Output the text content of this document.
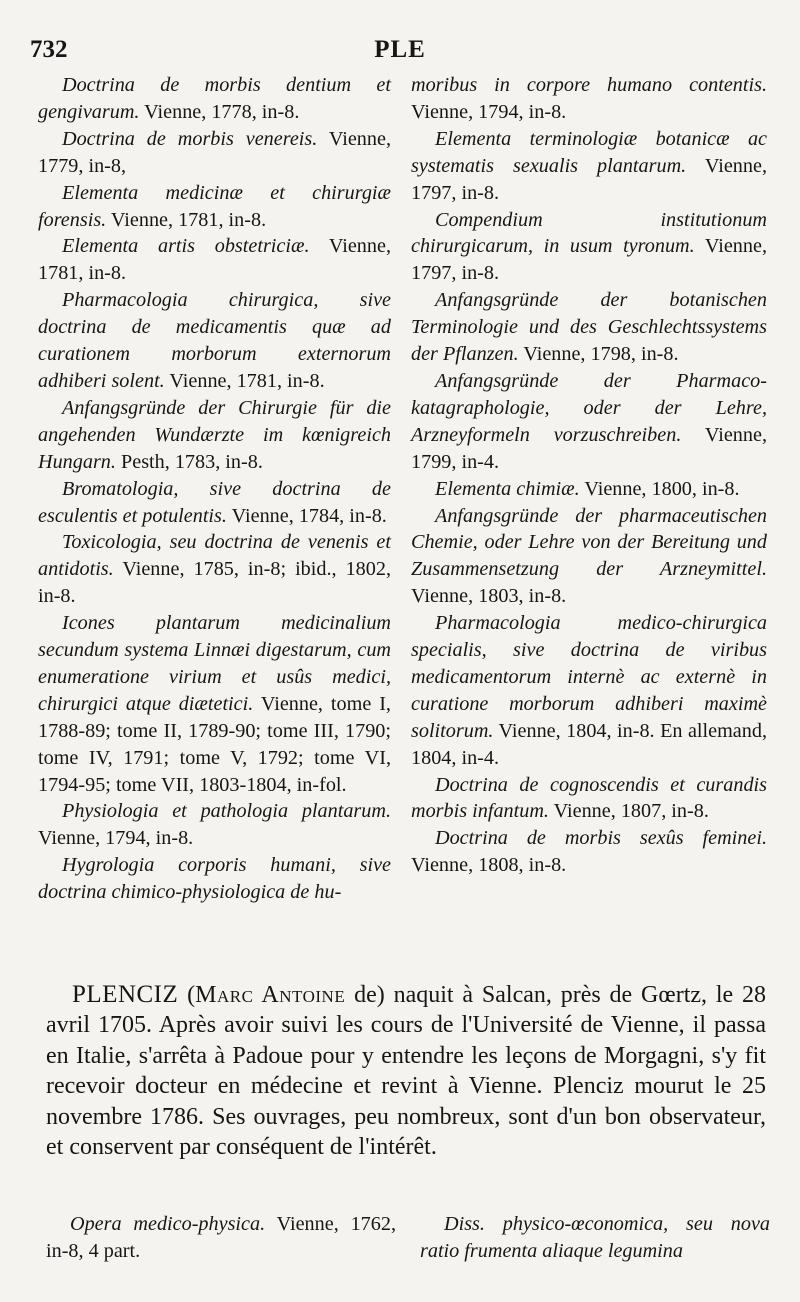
732	PLE
Doctrina de morbis dentium et gengivarum. Vienne, 1778, in-8.
Doctrina de morbis venereis. Vienne, 1779, in-8,
Elementa medicinæ et chirurgiæ forensis. Vienne, 1781, in-8.
Elementa artis obstetriciæ. Vienne, 1781, in-8.
Pharmacologia chirurgica, sive doctrina de medicamentis quæ ad curationem morborum externorum adhiberi solent. Vienne, 1781, in-8.
Anfangsgründe der Chirurgie für die angehenden Wundærzte im kœnigreich Hungarn. Pesth, 1783, in-8.
Bromatologia, sive doctrina de esculentis et potulentis. Vienne, 1784, in-8.
Toxicologia, seu doctrina de venenis et antidotis. Vienne, 1785, in-8; ibid., 1802, in-8.
Icones plantarum medicinalium secundum systema Linnæi digestarum, cum enumeratione virium et usûs medici, chirurgici atque diætetici. Vienne, tome I, 1788-89; tome II, 1789-90; tome III, 1790; tome IV, 1791; tome V, 1792; tome VI, 1794-95; tome VII, 1803-1804, in-fol.
Physiologia et pathologia plantarum. Vienne, 1794, in-8.
Hygrologia corporis humani, sive doctrina chimico-physiologica de hu-
moribus in corpore humano contentis. Vienne, 1794, in-8.
Elementa terminologiæ botanicæ ac systematis sexualis plantarum. Vienne, 1797, in-8.
Compendium institutionum chirurgicarum, in usum tyronum. Vienne, 1797, in-8.
Anfangsgründe der botanischen Terminologie und des Geschlechtssystems der Pflanzen. Vienne, 1798, in-8.
Anfangsgründe der Pharmaco-katagraphologie, oder der Lehre, Arzneyformeln vorzuschreiben. Vienne, 1799, in-4.
Elementa chimiæ. Vienne, 1800, in-8.
Anfangsgründe der pharmaceutischen Chemie, oder Lehre von der Bereitung und Zusammensetzung der Arzneymittel. Vienne, 1803, in-8.
Pharmacologia medico-chirurgica specialis, sive doctrina de viribus medicamentorum internè ac externè in curatione morborum adhiberi maximè solitorum. Vienne, 1804, in-8. En allemand, 1804, in-4.
Doctrina de cognoscendis et curandis morbis infantum. Vienne, 1807, in-8.
Doctrina de morbis sexûs feminei. Vienne, 1808, in-8.

PLENCIZ (Marc Antoine de) naquit à Salcan, près de Gœrtz, le 28 avril 1705. Après avoir suivi les cours de l'Université de Vienne, il passa en Italie, s'arrêta à Padoue pour y entendre les leçons de Morgagni, s'y fit recevoir docteur en médecine et revint à Vienne. Plenciz mourut le 25 novembre 1786. Ses ouvrages, peu nombreux, sont d'un bon observateur, et conservent par conséquent de l'intérêt.

Opera medico-physica. Vienne, 1762, in-8, 4 part.
Diss. physico-œconomica, seu nova ratio frumenta aliaque legumina
